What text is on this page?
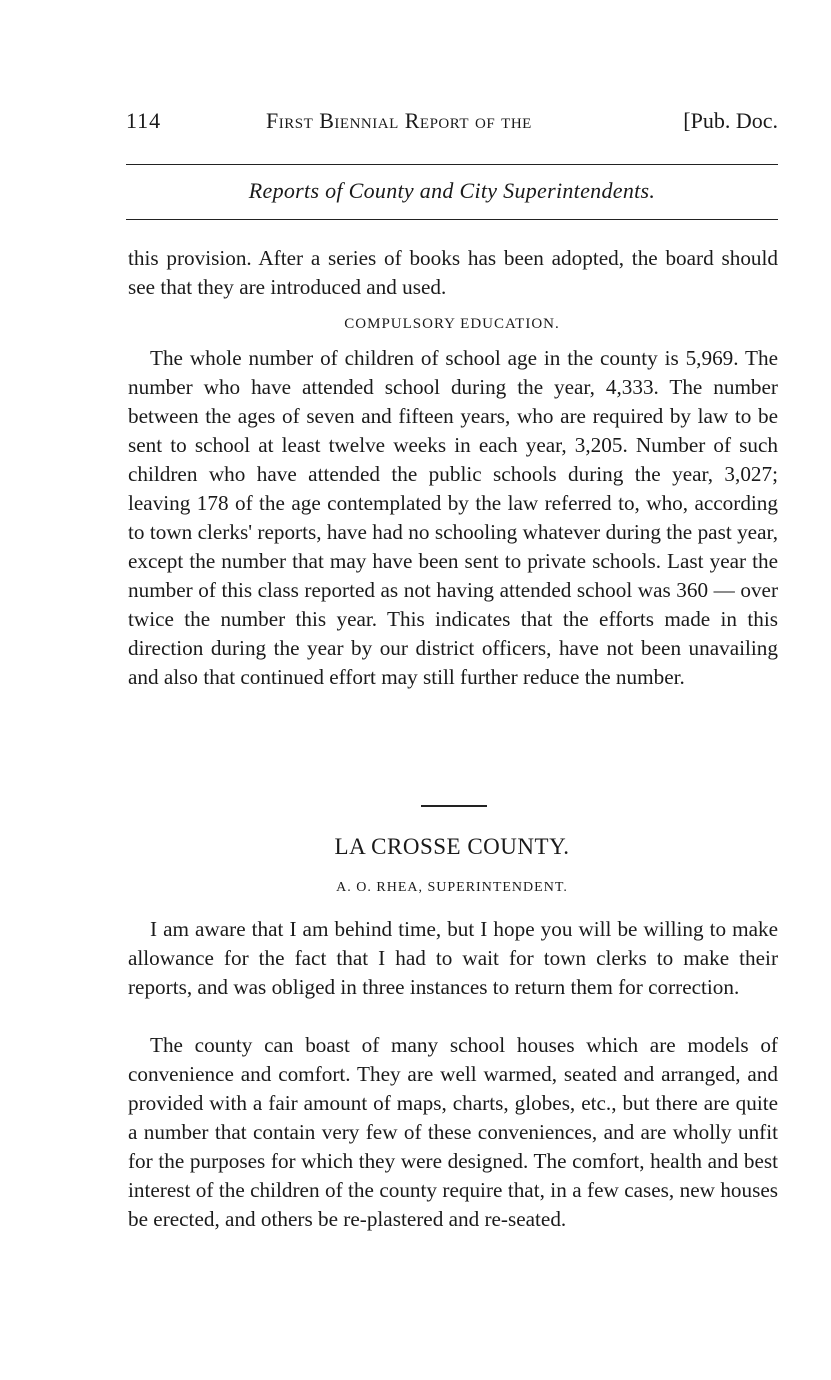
114	First Biennial Report of the	[Pub. Doc.
Reports of County and City Superintendents.

this provision. After a series of books has been adopted, the board should see that they are introduced and used.

COMPULSORY EDUCATION.

The whole number of children of school age in the county is 5,969. The number who have attended school during the year, 4,333. The number between the ages of seven and fifteen years, who are required by law to be sent to school at least twelve weeks in each year, 3,205. Number of such children who have attended the public schools during the year, 3,027; leaving 178 of the age contemplated by the law referred to, who, according to town clerks' reports, have had no schooling whatever during the past year, except the number that may have been sent to private schools. Last year the number of this class reported as not having attended school was 360 — over twice the number this year. This indicates that the efforts made in this direction during the year by our district officers, have not been unavailing and also that continued effort may still further reduce the number.

LA CROSSE COUNTY.
A. O. RHEA, SUPERINTENDENT.

I am aware that I am behind time, but I hope you will be willing to make allowance for the fact that I had to wait for town clerks to make their reports, and was obliged in three instances to return them for correction.

The county can boast of many school houses which are models of convenience and comfort. They are well warmed, seated and arranged, and provided with a fair amount of maps, charts, globes, etc., but there are quite a number that contain very few of these conveniences, and are wholly unfit for the purposes for which they were designed. The comfort, health and best interest of the children of the county require that, in a few cases, new houses be erected, and others be re-plastered and re-seated.
